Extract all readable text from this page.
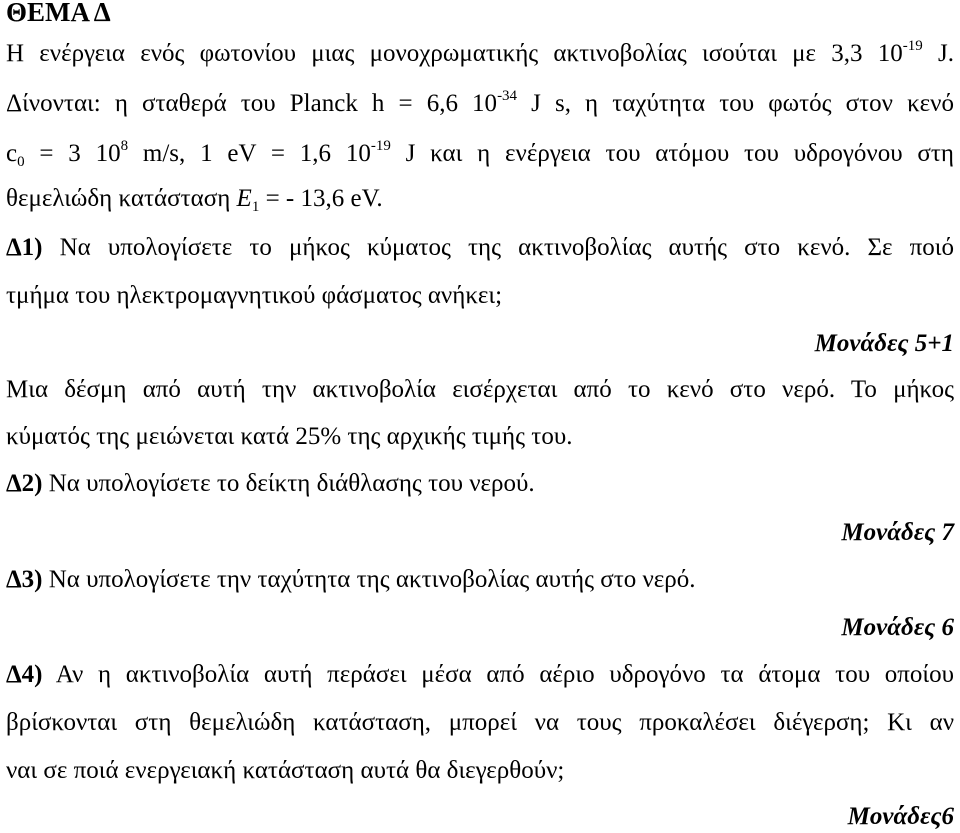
ΘΕΜΑ Δ
Η ενέργεια ενός φωτονίου μιας μονοχρωματικής ακτινοβολίας ισούται με 3,3 $10^{-19}$ J.
Δίνονται: η σταθερά του Planck h = 6,6 $10^{-34}$ J s, η ταχύτητα του φωτός στον κενό
$c_0 = 3$ $10^8$ m/s, 1 eV = 1,6 $10^{-19}$ J και η ενέργεια του ατόμου του υδρογόνου στη
θεμελιώδη κατάσταση $E_1$ = - 13,6 eV.
Δ1) Να υπολογίσετε το μήκος κύματος της ακτινοβολίας αυτής στο κενό. Σε ποιό
τμήμα του ηλεκτρομαγνητικού φάσματος ανήκει;
Μονάδες 5+1
Μια δέσμη από αυτή την ακτινοβολία εισέρχεται από το κενό στο νερό. Το μήκος
κύματός της μειώνεται κατά 25% της αρχικής τιμής του.
Δ2) Να υπολογίσετε το δείκτη διάθλασης του νερού.
Μονάδες 7
Δ3) Να υπολογίσετε την ταχύτητα της ακτινοβολίας αυτής στο νερό.
Μονάδες 6
Δ4) Αν η ακτινοβολία αυτή περάσει μέσα από αέριο υδρογόνο τα άτομα του οποίου
βρίσκονται στη θεμελιώδη κατάσταση, μπορεί να τους προκαλέσει διέγερση; Κι αν
ναι σε ποιά ενεργειακή κατάσταση αυτά θα διεγερθούν;
Μονάδες6
